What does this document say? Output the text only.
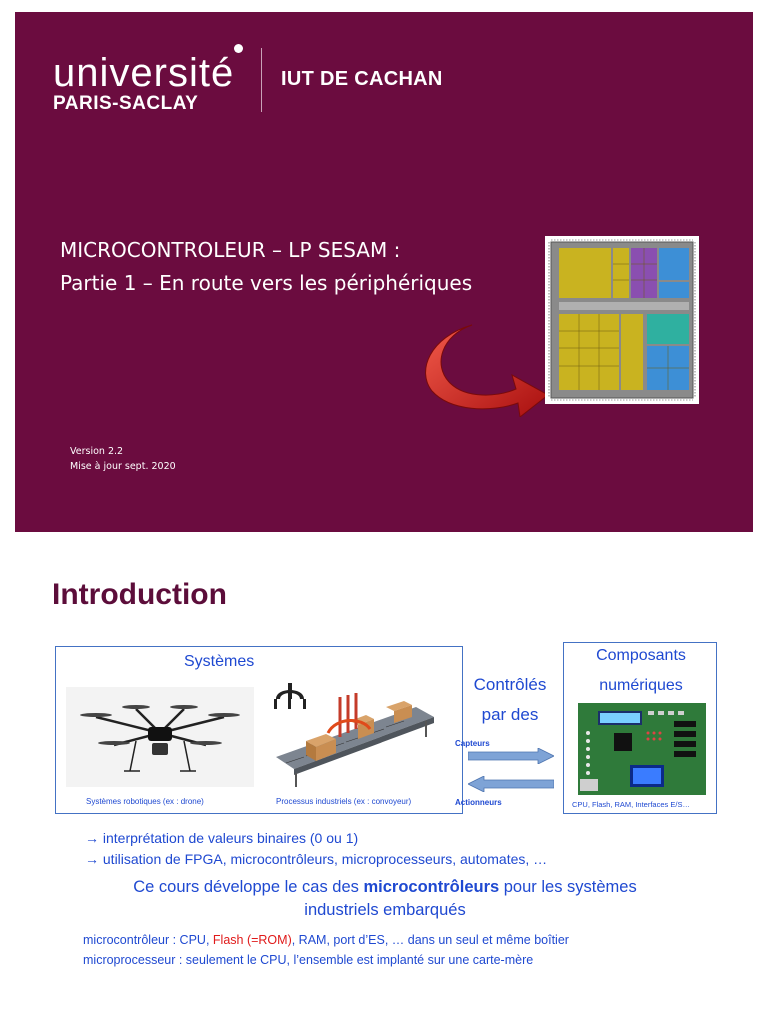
université
PARIS-SACLAY
IUT DE CACHAN
MICROCONTROLEUR – LP SESAM :
Partie 1 – En route vers les périphériques
Version 2.2
Mise à jour sept. 2020
Introduction
Systèmes
Systèmes robotiques (ex : drone)	Processus industriels (ex : convoyeur)
Contrôlés
par des
Capteurs
Actionneurs
Composants
numériques
CPU, Flash, RAM, Interfaces E/S…
→ interprétation de valeurs binaires (0 ou 1)
→ utilisation de FPGA, microcontrôleurs, microprocesseurs, automates, …
Ce cours développe le cas des microcontrôleurs pour les systèmes
industriels embarqués
microcontrôleur : CPU, Flash (=ROM), RAM, port d’ES, … dans un seul et même boîtier
microprocesseur : seulement le CPU, l’ensemble est implanté sur une carte-mère
